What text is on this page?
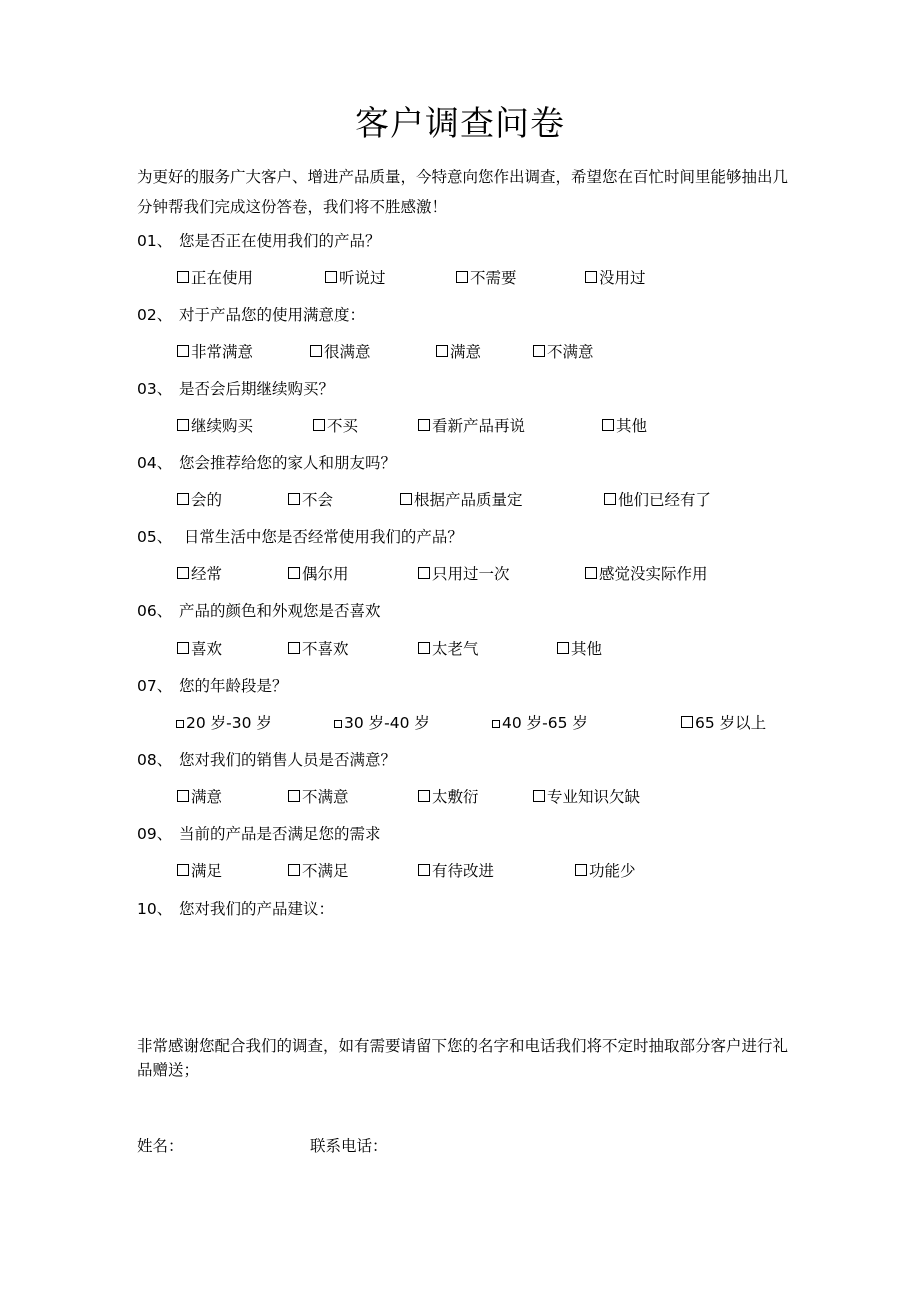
客户调查问卷
为更好的服务广大客户、增进产品质量，今特意向您作出调查，希望您在百忙时间里能够抽出几分钟帮我们完成这份答卷，我们将不胜感激！
01、 您是否正在使用我们的产品？
正在使用	听说过	不需要	没用过
02、 对于产品您的使用满意度：
非常满意	很满意	满意	不满意
03、 是否会后期继续购买？
继续购买	不买	看新产品再说	其他
04、 您会推荐给您的家人和朋友吗？
会的	不会	根据产品质量定	他们已经有了
05、 日常生活中您是否经常使用我们的产品？
经常	偶尔用	只用过一次	感觉没实际作用
06、 产品的颜色和外观您是否喜欢
喜欢	不喜欢	太老气	其他
07、 您的年龄段是？
20 岁-30 岁	30 岁-40 岁	40 岁-65 岁	65 岁以上
08、 您对我们的销售人员是否满意？
满意	不满意	太敷衍	专业知识欠缺
09、 当前的产品是否满足您的需求
满足	不满足	有待改进	功能少
10、 您对我们的产品建议：
非常感谢您配合我们的调查，如有需要请留下您的名字和电话我们将不定时抽取部分客户进行礼品赠送；
姓名：	联系电话：
